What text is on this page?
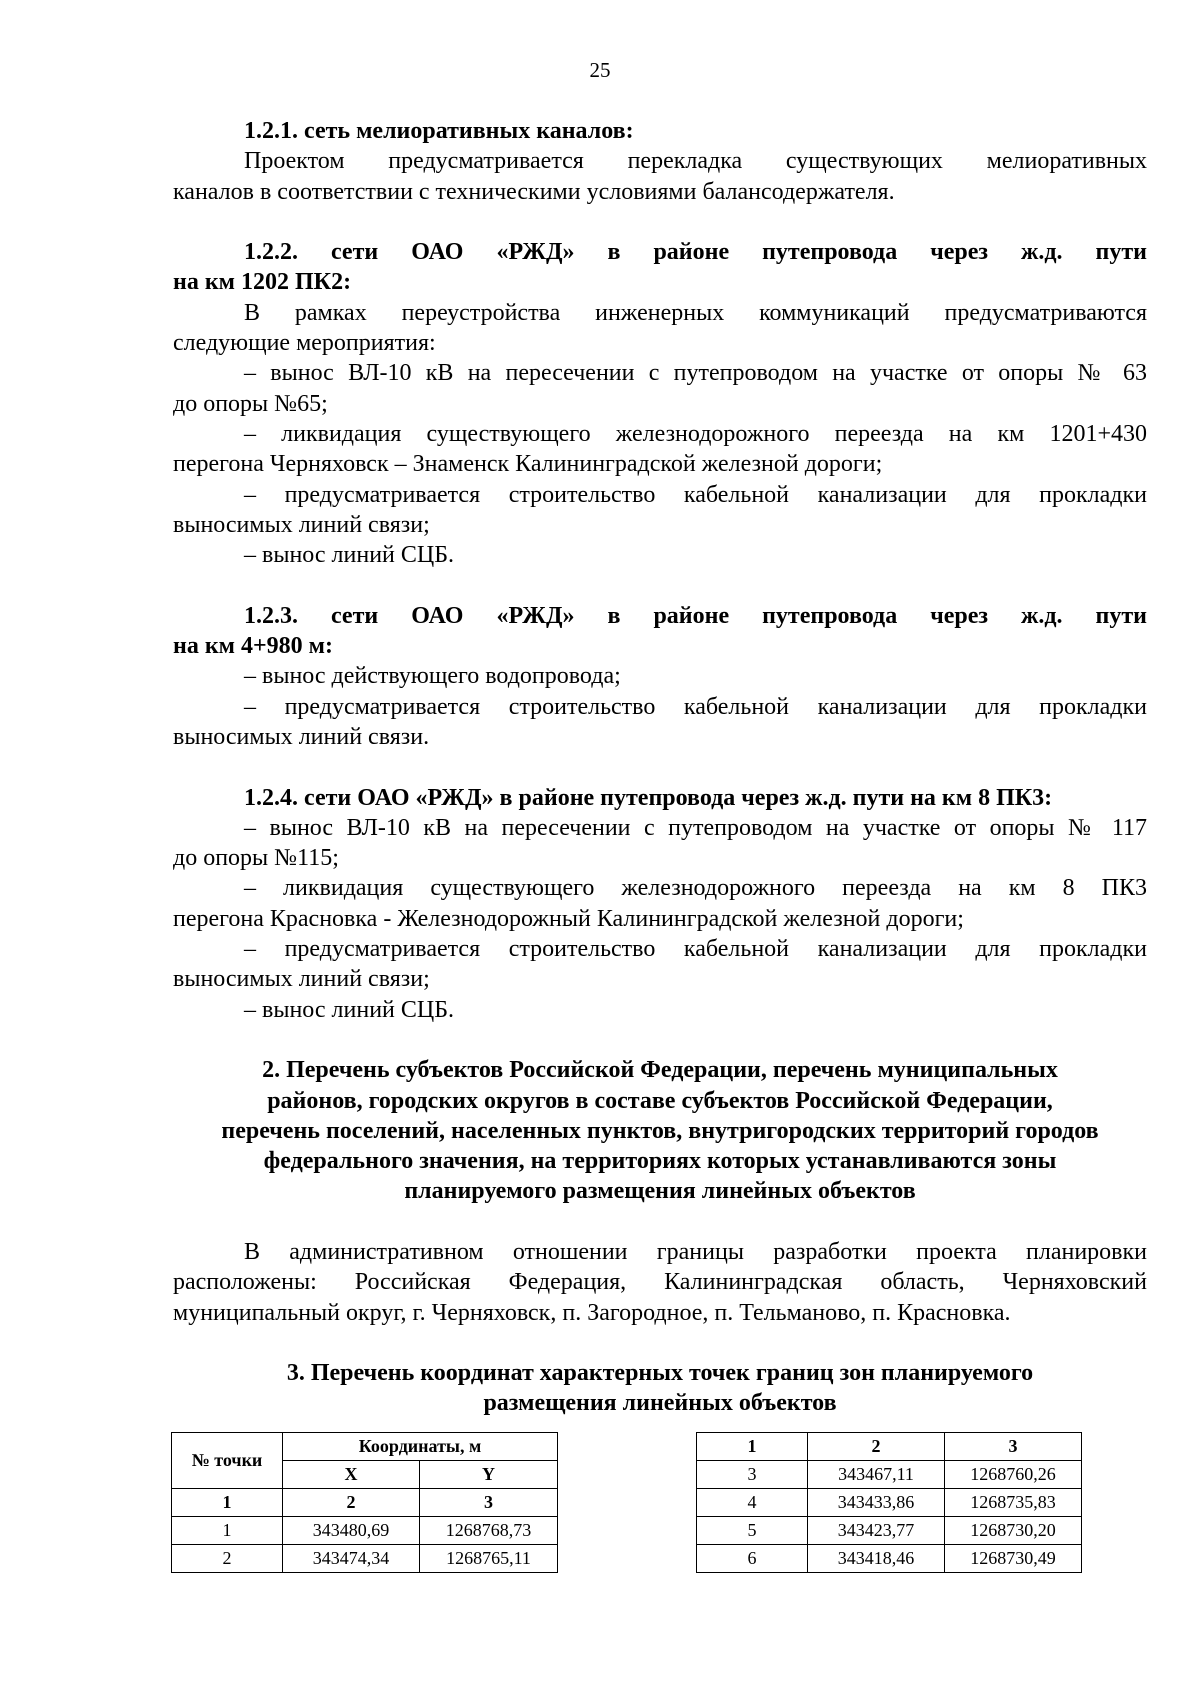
25

1.2.1. сеть мелиоративных каналов:

Проектом предусматривается перекладка существующих мелиоративных

каналов в соответствии с техническими условиями балансодержателя.

1.2.2. сети ОАО «РЖД» в районе путепровода через ж.д. пути

на км 1202 ПК2:

В рамках переустройства инженерных коммуникаций предусматриваются

следующие мероприятия:

– вынос ВЛ-10 кВ на пересечении с путепроводом на участке от опоры № 63

до опоры №65;

– ликвидация существующего железнодорожного переезда на км 1201+430

перегона Черняховск – Знаменск Калининградской железной дороги;

– предусматривается строительство кабельной канализации для прокладки

выносимых линий связи;

– вынос линий СЦБ.

1.2.3. сети ОАО «РЖД» в районе путепровода через ж.д. пути

на км 4+980 м:

– вынос действующего водопровода;

– предусматривается строительство кабельной канализации для прокладки

выносимых линий связи.

1.2.4. сети ОАО «РЖД» в районе путепровода через ж.д. пути на км 8 ПК3:

– вынос ВЛ-10 кВ на пересечении с путепроводом на участке от опоры № 117

до опоры №115;

– ликвидация существующего железнодорожного переезда на км 8 ПК3

перегона Красновка - Железнодорожный Калининградской железной дороги;

– предусматривается строительство кабельной канализации для прокладки

выносимых линий связи;

– вынос линий СЦБ.

2. Перечень субъектов Российской Федерации, перечень муниципальных

районов, городских округов в составе субъектов Российской Федерации,

перечень поселений, населенных пунктов, внутригородских территорий городов

федерального значения, на территориях которых устанавливаются зоны

планируемого размещения линейных объектов

В административном отношении границы разработки проекта планировки

расположены: Российская Федерация, Калининградская область, Черняховский

муниципальный округ, г. Черняховск, п. Загородное, п. Тельманово, п. Красновка.

3. Перечень координат характерных точек границ зон планируемого

размещения линейных объектов

№ точки	Координаты, м	
	X	Y
1	2	3
1	343480,69	1268768,73
2	343474,34	1268765,11
1	2	3
3	343467,11	1268760,26
4	343433,86	1268735,83
5	343423,77	1268730,20
6	343418,46	1268730,49
